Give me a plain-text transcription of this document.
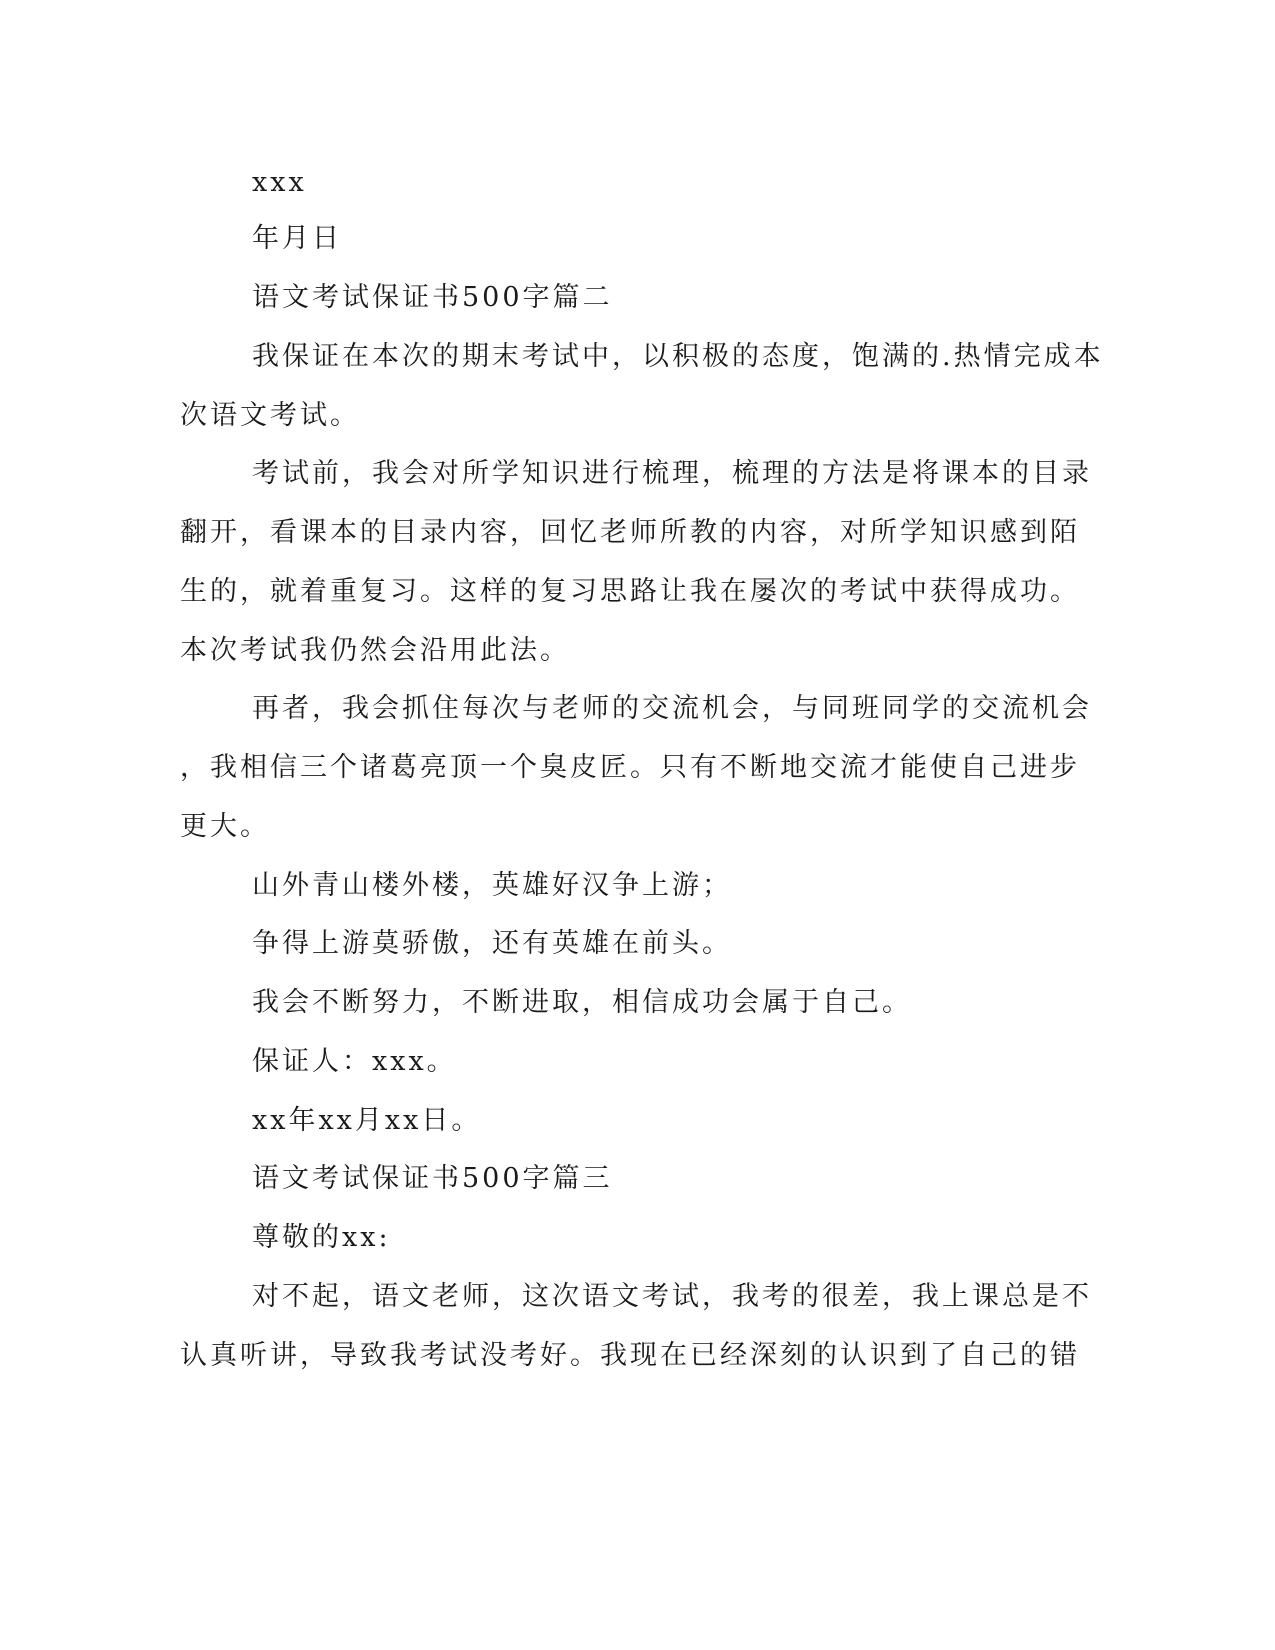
xxx

年月日

语文考试保证书500字篇二

我保证在本次的期末考试中，以积极的态度，饱满的.热情完成本

次语文考试。

考试前，我会对所学知识进行梳理，梳理的方法是将课本的目录

翻开，看课本的目录内容，回忆老师所教的内容，对所学知识感到陌

生的，就着重复习。这样的复习思路让我在屡次的考试中获得成功。

本次考试我仍然会沿用此法。

再者，我会抓住每次与老师的交流机会，与同班同学的交流机会

，我相信三个诸葛亮顶一个臭皮匠。只有不断地交流才能使自己进步

更大。

山外青山楼外楼，英雄好汉争上游；

争得上游莫骄傲，还有英雄在前头。

我会不断努力，不断进取，相信成功会属于自己。

保证人：xxx。

xx年xx月xx日。

语文考试保证书500字篇三

尊敬的xx:

对不起，语文老师，这次语文考试，我考的很差，我上课总是不

认真听讲，导致我考试没考好。我现在已经深刻的认识到了自己的错
